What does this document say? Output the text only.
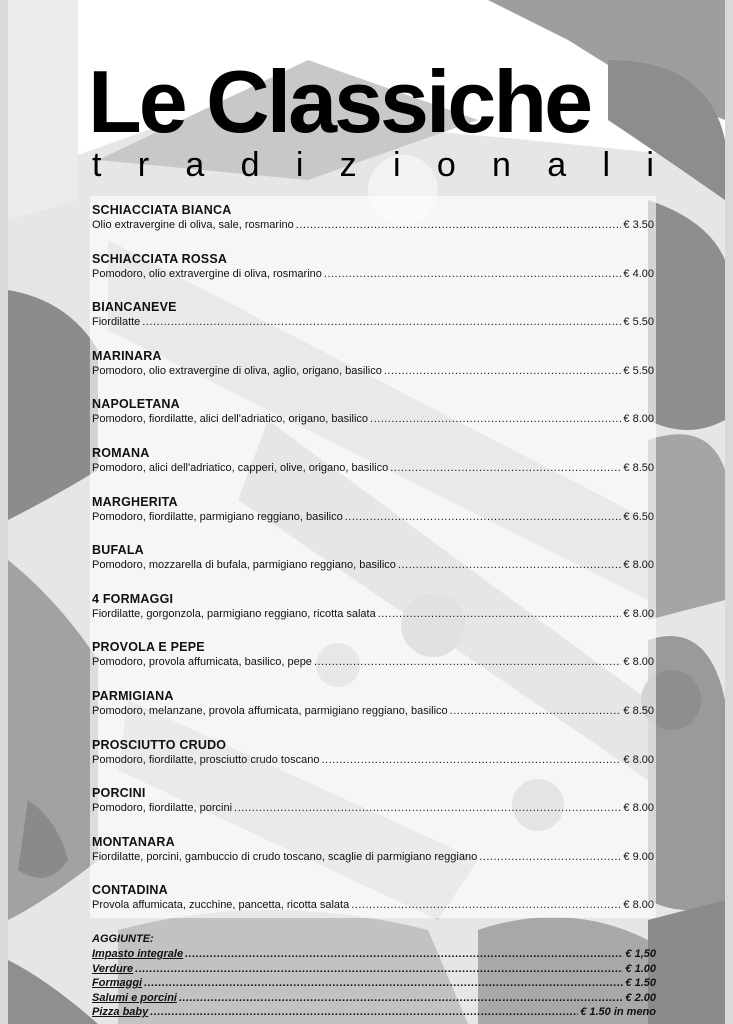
Le Classiche
t r a d i z i o n a l i
SCHIACCIATA BIANCA
Olio extravergine di oliva, sale, rosmarino .....	€ 3.50
SCHIACCIATA ROSSA
Pomodoro, olio extravergine di oliva, rosmarino .....	€ 4.00
BIANCANEVE
Fiordilatte .....	€ 5.50
MARINARA
Pomodoro, olio extravergine di oliva, aglio, origano, basilico .....	€ 5.50
NAPOLETANA
Pomodoro, fiordilatte, alici dell'adriatico, origano, basilico .....	€ 8.00
ROMANA
Pomodoro, alici dell'adriatico, capperi, olive, origano, basilico .....	€ 8.50
MARGHERITA
Pomodoro, fiordilatte, parmigiano reggiano, basilico .....	€ 6.50
BUFALA
Pomodoro, mozzarella di bufala, parmigiano reggiano, basilico .....	€ 8.00
4 FORMAGGI
Fiordilatte, gorgonzola, parmigiano reggiano, ricotta salata .....	€ 8.00
PROVOLA E PEPE
Pomodoro, provola affumicata, basilico, pepe .....	€ 8.00
PARMIGIANA
Pomodoro, melanzane, provola affumicata, parmigiano reggiano, basilico .....	€ 8.50
PROSCIUTTO CRUDO
Pomodoro, fiordilatte, prosciutto crudo toscano .....	€ 8.00
PORCINI
Pomodoro, fiordilatte, porcini .....	€ 8.00
MONTANARA
Fiordilatte, porcini, gambuccio di crudo toscano, scaglie di parmigiano reggiano .....	€ 9.00
CONTADINA
Provola affumicata, zucchine, pancetta, ricotta salata .....	€ 8.00
AGGIUNTE:
Impasto integrale .....	€ 1,50
Verdure .....	€ 1.00
Formaggi .....	€ 1.50
Salumi e porcini .....	€ 2.00
Pizza baby .....	€ 1.50 in meno
